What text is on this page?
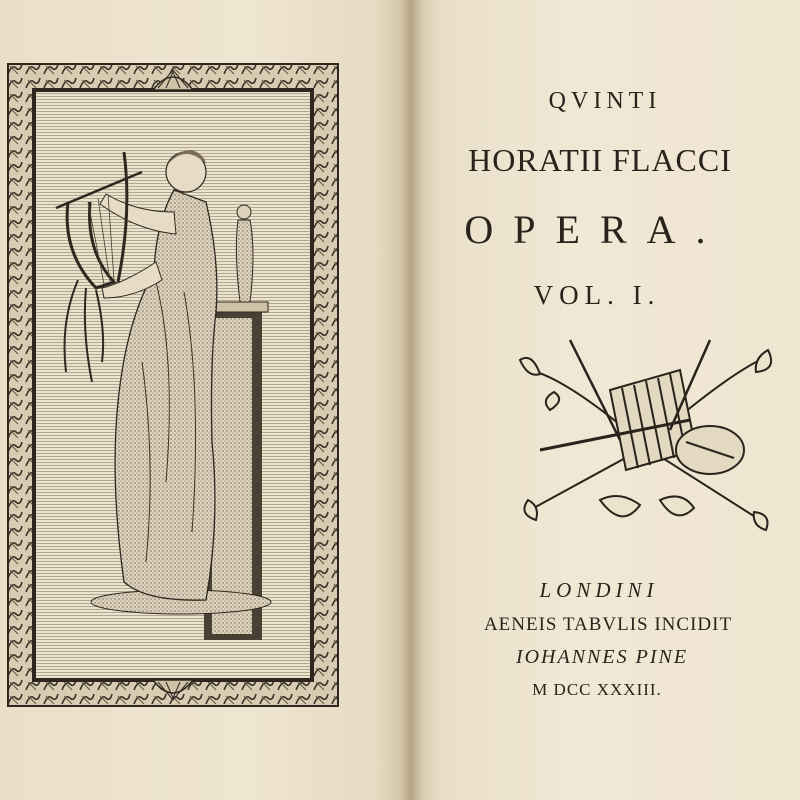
QVINTI
HORATII FLACCI
OPERA.
VOL. I.
LONDINI
AENEIS TABVLIS INCIDIT
IOHANNES PINE
M DCC XXXIII.
